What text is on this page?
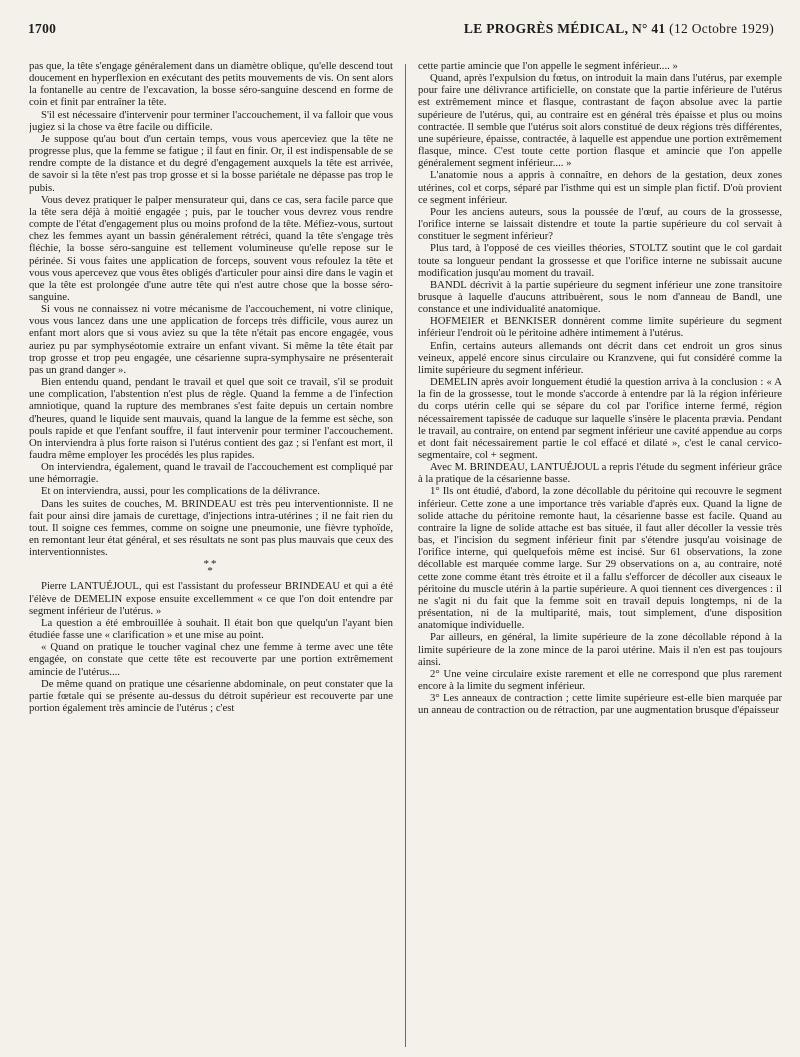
1700	LE PROGRÈS MÉDICAL, N° 41 (12 Octobre 1929)

pas que, la tête s'engage généralement dans un diamètre oblique, qu'elle descend tout doucement en hyperflexion en exécutant des petits mouvements de vis. On sent alors la fontanelle au centre de l'excavation, la bosse séro-sanguine descend en forme de coin et finit par entraîner la tête.

S'il est nécessaire d'intervenir pour terminer l'accouchement, il va falloir que vous jugiez si la chose va être facile ou difficile.

Je suppose qu'au bout d'un certain temps, vous vous aperceviez que la tête ne progresse plus, que la femme se fatigue ; il faut en finir. Or, il est indispensable de se rendre compte de la distance et du degré d'engagement auxquels la tête est arrivée, de savoir si la tête n'est pas trop grosse et si la bosse pariétale ne dépasse pas trop le pubis.

Vous devez pratiquer le palper mensurateur qui, dans ce cas, sera facile parce que la tête sera déjà à moitié engagée ; puis, par le toucher vous devrez vous rendre compte de l'état d'engagement plus ou moins profond de la tête. Méfiez-vous, surtout chez les femmes ayant un bassin généralement rétréci, quand la tête s'engage très fléchie, la bosse séro-sanguine est tellement volumineuse qu'elle repose sur le périnée. Si vous faites une application de forceps, souvent vous refoulez la tête et vous vous apercevez que vous êtes obligés d'articuler pour ainsi dire dans le vagin et que la tête est prolongée d'une autre tête qui n'est autre chose que la bosse séro-sanguine.

Si vous ne connaissez ni votre mécanisme de l'accouchement, ni votre clinique, vous vous lancez dans une une application de forceps très difficile, vous aurez un enfant mort alors que si vous aviez su que la tête n'était pas encore engagée, vous auriez pu par symphyséotomie extraire un enfant vivant. Si même la tête était par trop grosse et trop peu engagée, une césarienne supra-symphysaire ne présenterait pas un grand danger ».

Bien entendu quand, pendant le travail et quel que soit ce travail, s'il se produit une complication, l'abstention n'est plus de règle. Quand la femme a de l'infection amniotique, quand la rupture des membranes s'est faite depuis un certain nombre d'heures, quand le liquide sent mauvais, quand la langue de la femme est sèche, son pouls rapide et que l'enfant souffre, il faut intervenir pour terminer l'accouchement. On interviendra à plus forte raison si l'utérus contient des gaz ; si l'enfant est mort, il faudra même employer les procédés les plus rapides.

On interviendra, également, quand le travail de l'accouchement est compliqué par une hémorragie.

Et on interviendra, aussi, pour les complications de la délivrance.

Dans les suites de couches, M. BRINDEAU est très peu interventionniste. Il ne fait pour ainsi dire jamais de curettage, d'injections intra-utérines ; il ne fait rien du tout. Il soigne ces femmes, comme on soigne une pneumonie, une fièvre typhoïde, en remontant leur état général, et ses résultats ne sont pas plus mauvais que ceux des interventionnistes.

**
*

Pierre LANTUÉJOUL, qui est l'assistant du professeur BRINDEAU et qui a été l'élève de DEMELIN expose ensuite excellemment « ce que l'on doit entendre par segment inférieur de l'utérus. »

La question a été embrouillée à souhait. Il était bon que quelqu'un l'ayant bien étudiée fasse une « clarification » et une mise au point.

« Quand on pratique le toucher vaginal chez une femme à terme avec une tête engagée, on constate que cette tête est recouverte par une portion extrêmement amincie de l'utérus....

De même quand on pratique une césarienne abdominale, on peut constater que la partie fœtale qui se présente au-dessus du détroit supérieur est recouverte par une portion également très amincie de l'utérus ; c'est

cette partie amincie que l'on appelle le segment inférieur.... »

Quand, après l'expulsion du fœtus, on introduit la main dans l'utérus, par exemple pour faire une délivrance artificielle, on constate que la partie inférieure de l'utérus est extrêmement mince et flasque, contrastant de façon absolue avec la partie supérieure de l'utérus, qui, au contraire est en général très épaisse et plus ou moins contractée. Il semble que l'utérus soit alors constitué de deux régions très différentes, une supérieure, épaisse, contractée, à laquelle est appendue une portion extrêmement flasque, mince. C'est toute cette portion flasque et amincie que l'on appelle généralement segment inférieur.... »

L'anatomie nous a appris à connaître, en dehors de la gestation, deux zones utérines, col et corps, séparé par l'isthme qui est un simple plan fictif. D'où provient ce segment inférieur.

Pour les anciens auteurs, sous la poussée de l'œuf, au cours de la grossesse, l'orifice interne se laissait distendre et toute la partie supérieure du col servait à constituer le segment inférieur?

Plus tard, à l'opposé de ces vieilles théories, STOLTZ soutint que le col gardait toute sa longueur pendant la grossesse et que l'orifice interne ne subissait aucune modification jusqu'au moment du travail.

BANDL décrivit à la partie supérieure du segment inférieur une zone transitoire brusque à laquelle d'aucuns attribuèrent, sous le nom d'anneau de Bandl, une constance et une individualité anatomique.

HOFMEIER et BENKISER donnèrent comme limite supérieure du segment inférieur l'endroit où le péritoine adhère intimement à l'utérus.

Enfin, certains auteurs allemands ont décrit dans cet endroit un gros sinus veineux, appelé encore sinus circulaire ou Kranzvene, qui fut considéré comme la limite supérieure du segment inférieur.

DEMELIN après avoir longuement étudié la question arriva à la conclusion : « A la fin de la grossesse, tout le monde s'accorde à entendre par là la région inférieure du corps utérin celle qui se sépare du col par l'orifice interne fermé, région nécessairement tapissée de caduque sur laquelle s'insère le placenta prævia. Pendant le travail, au contraire, on entend par segment inférieur une cavité appendue au corps et dont fait nécessairement partie le col effacé et dilaté », c'est le canal cervico-segmentaire, col + segment.

Avec M. BRINDEAU, LANTUÉJOUL a repris l'étude du segment inférieur grâce à la pratique de la césarienne basse.

1° Ils ont étudié, d'abord, la zone décollable du péritoine qui recouvre le segment inférieur. Cette zone a une importance très variable d'après eux. Quand la ligne de solide attache du péritoine remonte haut, la césarienne basse est facile. Quand au contraire la ligne de solide attache est bas située, il faut aller décoller la vessie très bas, et l'incision du segment inférieur finit par s'étendre jusqu'au voisinage de l'orifice interne, qui quelquefois même est incisé. Sur 61 observations, la zone décollable est marquée comme large. Sur 29 observations on a, au contraire, noté cette zone comme étant très étroite et il a fallu s'efforcer de décoller aux ciseaux le péritoine du muscle utérin à la partie supérieure. A quoi tiennent ces divergences : il ne s'agit ni du fait que la femme soit en travail depuis longtemps, ni de la présentation, ni de la multiparité, mais, tout simplement, d'une disposition anatomique individuelle.

Par ailleurs, en général, la limite supérieure de la zone décollable répond à la limite supérieure de la zone mince de la paroi utérine. Mais il n'en est pas toujours ainsi.

2° Une veine circulaire existe rarement et elle ne correspond que plus rarement encore à la limite du segment inférieur.

3° Les anneaux de contraction ; cette limite supérieure est-elle bien marquée par un anneau de contraction ou de rétraction, par une augmentation brusque d'épaisseur
